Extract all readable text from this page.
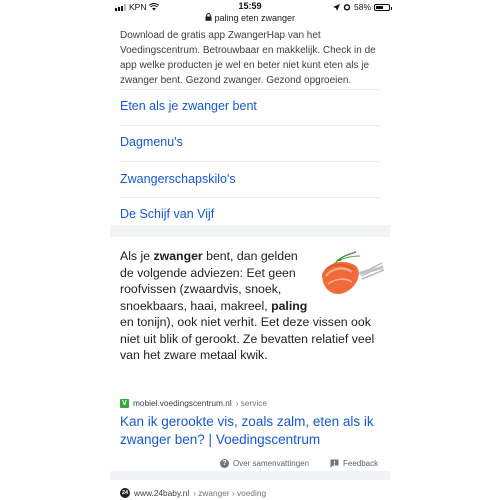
KPN	15:59	58%
paling eten zwanger
Download de gratis app ZwangerHap van het Voedingscentrum. Betrouwbaar en makkelijk. Check in de app welke producten je wel en beter niet kunt eten als je zwanger bent. Gezond zwanger. Gezond opgroeien.
Eten als je zwanger bent
Dagmenu's
Zwangerschapskilo's
De Schijf van Vijf
Als je zwanger bent, dan gelden de volgende adviezen: Eet geen roofvissen (zwaardvis, snoek, snoekbaars, haai, makreel, paling en tonijn), ook niet verhit. Eet deze vissen ook niet uit blik of gerookt. Ze bevatten relatief veel van het zware metaal kwik.
V mobiel.voedingscentrum.nl › service
Kan ik gerookte vis, zoals zalm, eten als ik zwanger ben? | Voedingscentrum
? Over samenvattingen	Feedback
24 www.24baby.nl › zwanger › voeding
